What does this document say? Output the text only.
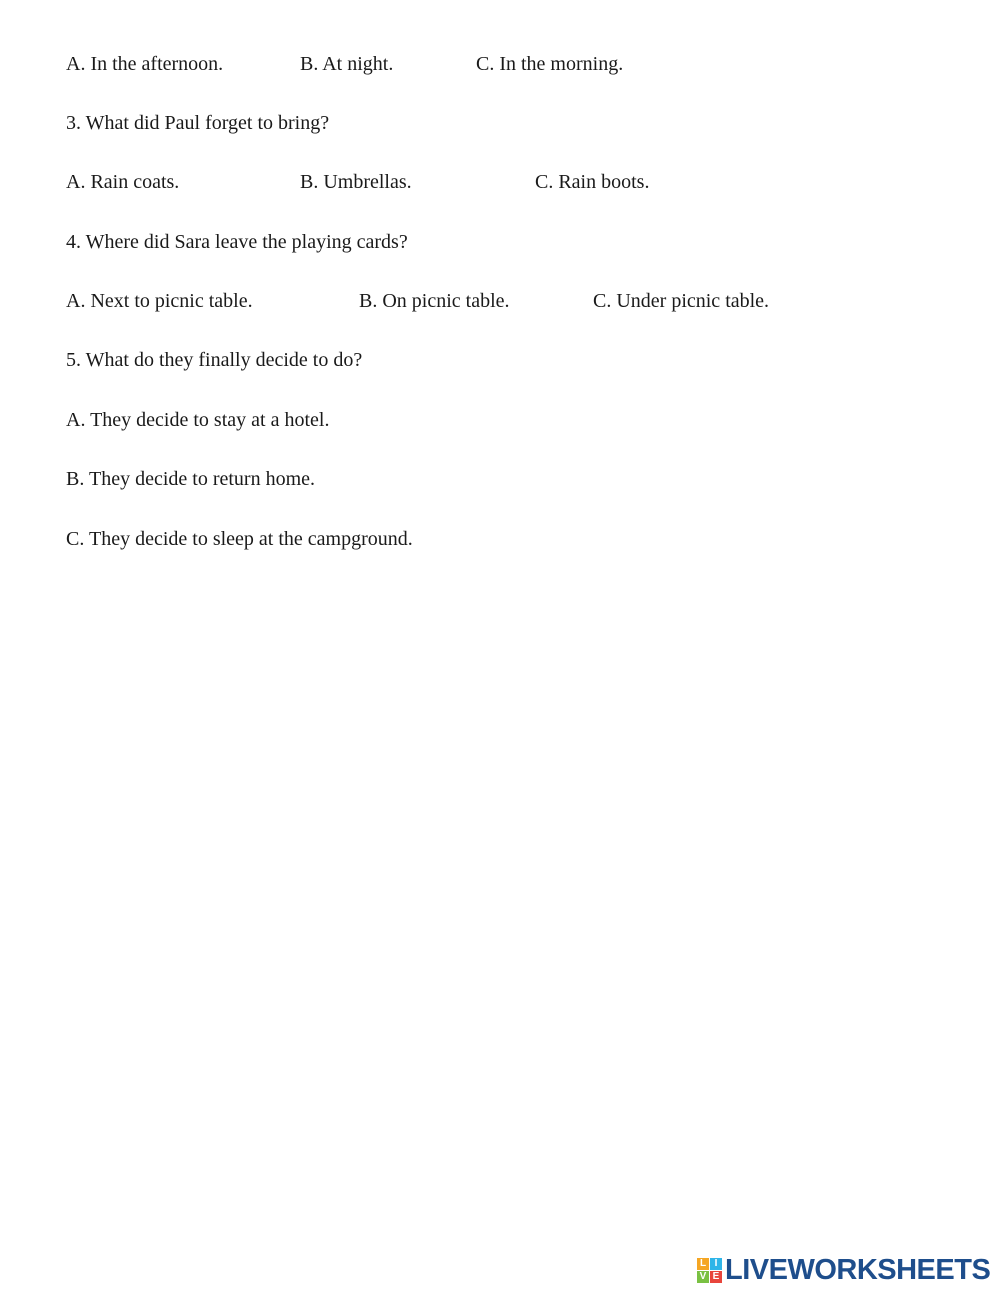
A. In the afternoon.	B. At night.	C. In the morning.
3. What did Paul forget to bring?
A. Rain coats.	B. Umbrellas.	C. Rain boots.
4. Where did Sara leave the playing cards?
A. Next to picnic table.	B. On picnic table.	C. Under picnic table.
5. What do they finally decide to do?
A. They decide to stay at a hotel.
B. They decide to return home.
C. They decide to sleep at the campground.
L I
V E LIVEWORKSHEETS
